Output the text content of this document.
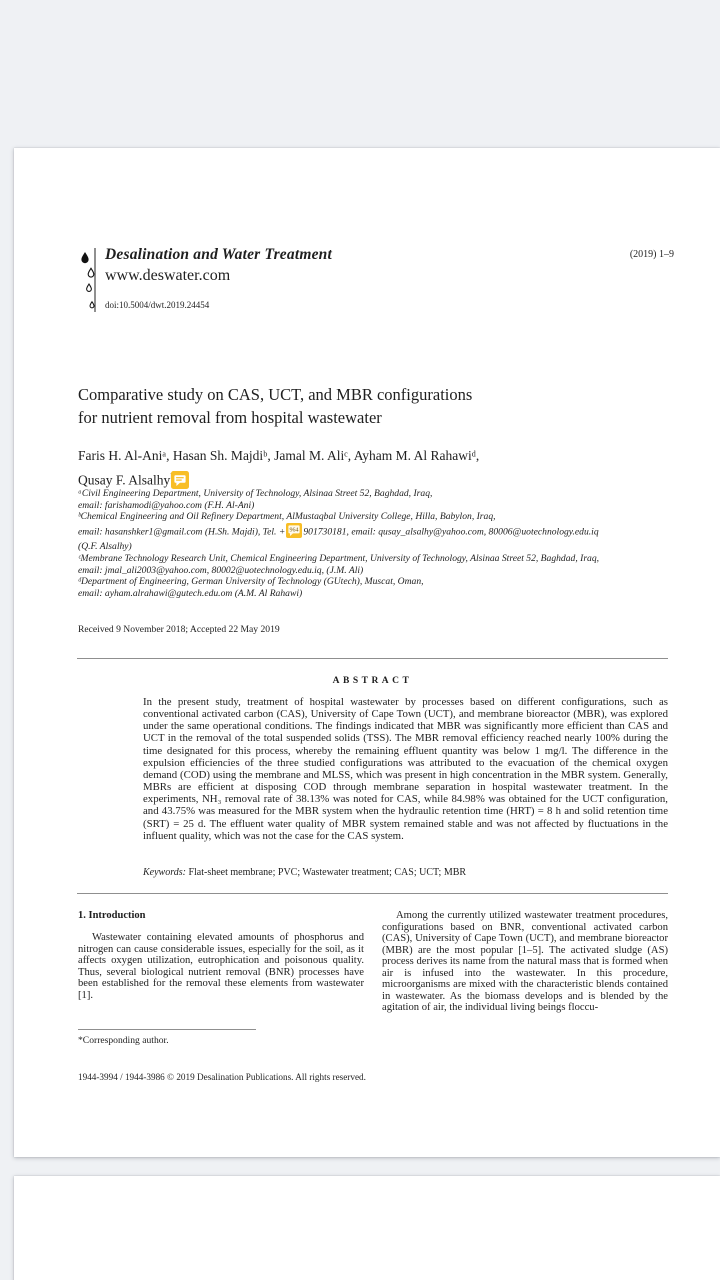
Desalination and Water Treatment
www.deswater.com
(2019) 1–9
doi:10.5004/dwt.2019.24454
Comparative study on CAS, UCT, and MBR configurations
for nutrient removal from hospital wastewater
Faris H. Al-Aniᵃ, Hasan Sh. Majdiᵇ, Jamal M. Aliᶜ, Ayham M. Al Rahawiᵈ,
Qusay F. Alsalhy
ᵃCivil Engineering Department, University of Technology, Alsinaa Street 52, Baghdad, Iraq,
email: farishamodi@yahoo.com (F.H. Al-Ani)
ᵇChemical Engineering and Oil Refinery Department, AlMustaqbal University College, Hilla, Babylon, Iraq,
email: hasanshker1@gmail.com (H.Sh. Majdi), Tel. + 964 901730181, email: qusay_alsalhy@yahoo.com, 80006@uotechnology.edu.iq
(Q.F. Alsalhy)
ᶜMembrane Technology Research Unit, Chemical Engineering Department, University of Technology, Alsinaa Street 52, Baghdad, Iraq,
email: jmal_ali2003@yahoo.com, 80002@uotechnology.edu.iq, (J.M. Ali)
ᵈDepartment of Engineering, German University of Technology (GUtech), Muscat, Oman,
email: ayham.alrahawi@gutech.edu.om (A.M. Al Rahawi)
Received 9 November 2018; Accepted 22 May 2019
ABSTRACT
In the present study, treatment of hospital wastewater by processes based on different configurations, such as conventional activated carbon (CAS), University of Cape Town (UCT), and membrane bioreactor (MBR), was explored under the same operational conditions. The findings indicated that MBR was significantly more efficient than CAS and UCT in the removal of the total suspended solids (TSS). The MBR removal efficiency reached nearly 100% during the time designated for this process, whereby the remaining effluent quantity was below 1 mg/l. The difference in the expulsion efficiencies of the three studied configurations was attributed to the evacuation of the chemical oxygen demand (COD) using the membrane and MLSS, which was present in high concentration in the MBR system. Generally, MBRs are efficient at disposing COD through membrane separation in hospital wastewater treatment. In the experiments, NH₃ removal rate of 38.13% was noted for CAS, while 84.98% was obtained for the UCT configuration, and 43.75% was measured for the MBR system when the hydraulic retention time (HRT) = 8 h and solid retention time (SRT) = 25 d. The effluent water quality of MBR system remained stable and was not affected by fluctuations in the influent quality, which was not the case for the CAS system.
Keywords: Flat-sheet membrane; PVC; Wastewater treatment; CAS; UCT; MBR
1. Introduction

Wastewater containing elevated amounts of phosphorus and nitrogen can cause considerable issues, especially for the soil, as it affects oxygen utilization, eutrophication and poisonous quality. Thus, several biological nutrient removal (BNR) processes have been established for the removal these elements from wastewater [1].

Among the currently utilized wastewater treatment procedures, configurations based on BNR, conventional activated carbon (CAS), University of Cape Town (UCT), and membrane bioreactor (MBR) are the most popular [1–5]. The activated sludge (AS) process derives its name from the natural mass that is formed when air is infused into the wastewater. In this procedure, microorganisms are mixed with the characteristic blends contained in wastewater. As the biomass develops and is blended by the agitation of air, the individual living beings floccu-

*Corresponding author.
1944-3994 / 1944-3986 © 2019 Desalination Publications. All rights reserved.
